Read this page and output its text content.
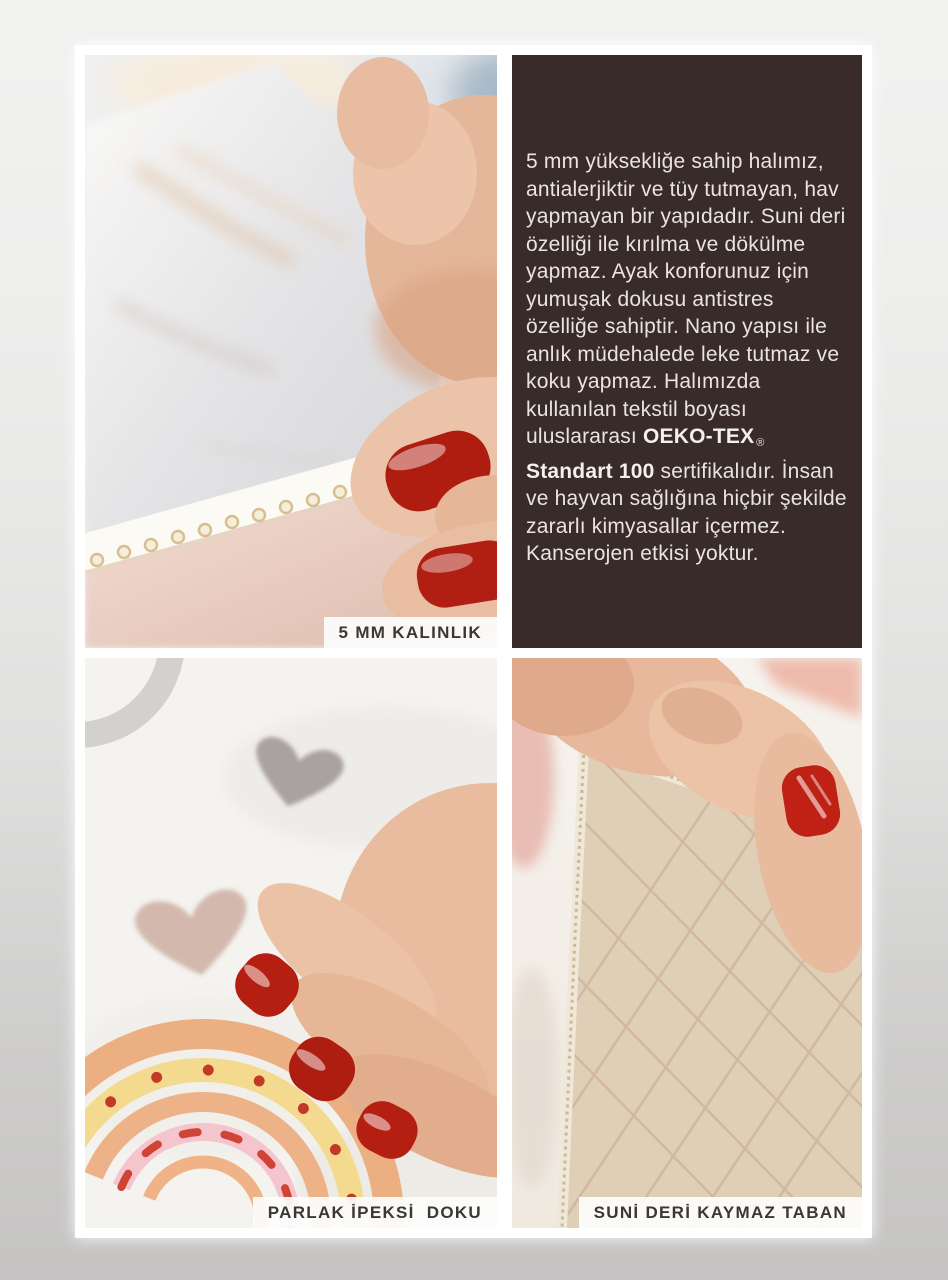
5 MM KALINLIK

5 mm yüksekliğe sahip halımız, antialerjiktir ve tüy tutmayan, hav yapmayan bir yapıdadır. Suni deri özelliği ile kırılma ve dökülme yapmaz. Ayak konforunuz için yumuşak dokusu antistres özelliğe sahiptir. Nano yapısı ile anlık müdehalede leke tutmaz ve koku yapmaz. Halımızda kullanılan tekstil boyası uluslararası OEKO-TEX ® Standart 100 sertifikalıdır. İnsan ve hayvan sağlığına hiçbir şekilde zararlı kimyasallar içermez.
Kanserojen etkisi yoktur.

PARLAK İPEKSİ  DOKU	SUNİ DERİ KAYMAZ TABAN
